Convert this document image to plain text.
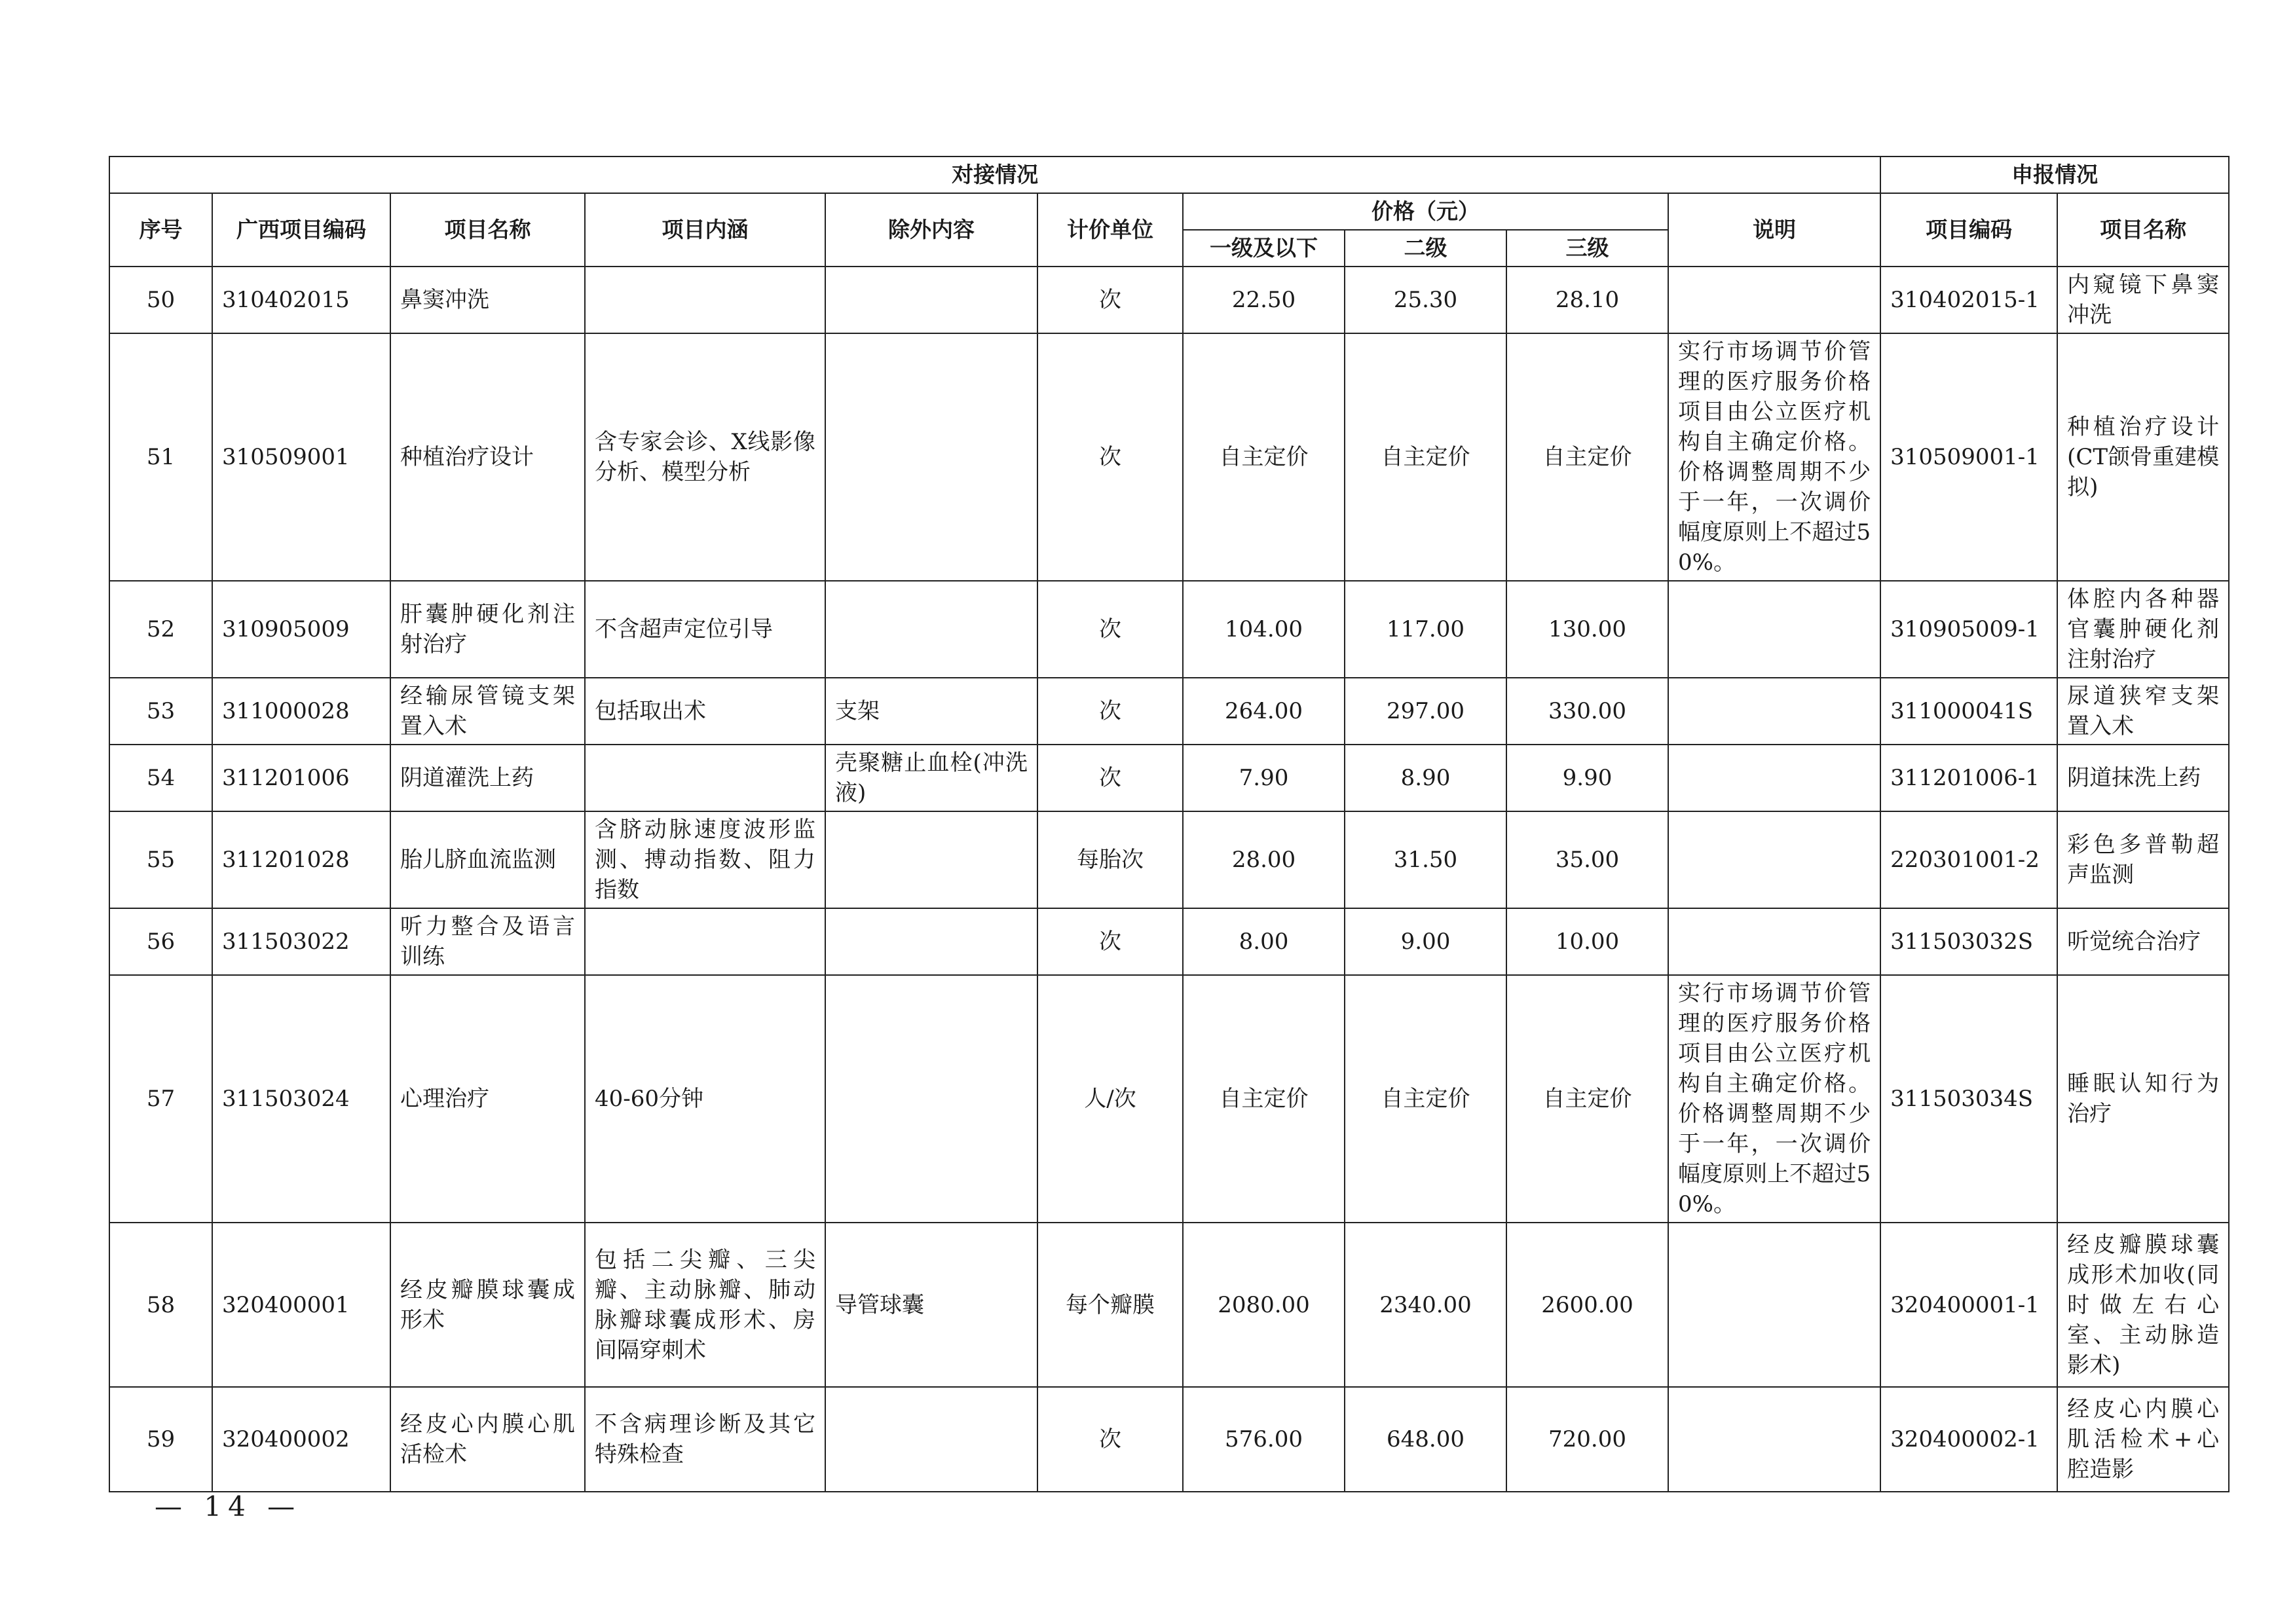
对接情况										申报情况	
序号	广西项目编码	项目名称	项目内涵	除外内容	计价单位	价格（元）			说明	项目编码	项目名称
						一级及以下	二级	三级			
50	310402015	鼻窦冲洗			次	22.50	25.30	28.10		310402015-1	内窥镜下鼻窦冲洗
51	310509001	种植治疗设计	含专家会诊、X线影像分析、模型分析		次	自主定价	自主定价	自主定价	实行市场调节价管理的医疗服务价格项目由公立医疗机构自主确定价格。价格调整周期不少于一年，一次调价幅度原则上不超过50%。	310509001-1	种植治疗设计(CT颌骨重建模拟)
52	310905009	肝囊肿硬化剂注射治疗	不含超声定位引导		次	104.00	117.00	130.00		310905009-1	体腔内各种器官囊肿硬化剂注射治疗
53	311000028	经输尿管镜支架置入术	包括取出术	支架	次	264.00	297.00	330.00		311000041S	尿道狭窄支架置入术
54	311201006	阴道灌洗上药		壳聚糖止血栓(冲洗液)	次	7.90	8.90	9.90		311201006-1	阴道抹洗上药
55	311201028	胎儿脐血流监测	含脐动脉速度波形监测、搏动指数、阻力指数		每胎次	28.00	31.50	35.00		220301001-2	彩色多普勒超声监测
56	311503022	听力整合及语言训练			次	8.00	9.00	10.00		311503032S	听觉统合治疗
57	311503024	心理治疗	40-60分钟		人/次	自主定价	自主定价	自主定价	实行市场调节价管理的医疗服务价格项目由公立医疗机构自主确定价格。价格调整周期不少于一年，一次调价幅度原则上不超过50%。	311503034S	睡眠认知行为治疗
58	320400001	经皮瓣膜球囊成形术	包括二尖瓣、三尖瓣、主动脉瓣、肺动脉瓣球囊成形术、房间隔穿刺术	导管球囊	每个瓣膜	2080.00	2340.00	2600.00		320400001-1	经皮瓣膜球囊成形术加收(同时做左右心室、主动脉造影术)
59	320400002	经皮心内膜心肌活检术	不含病理诊断及其它特殊检查		次	576.00	648.00	720.00		320400002-1	经皮心内膜心肌活检术+心腔造影
— 14 —
